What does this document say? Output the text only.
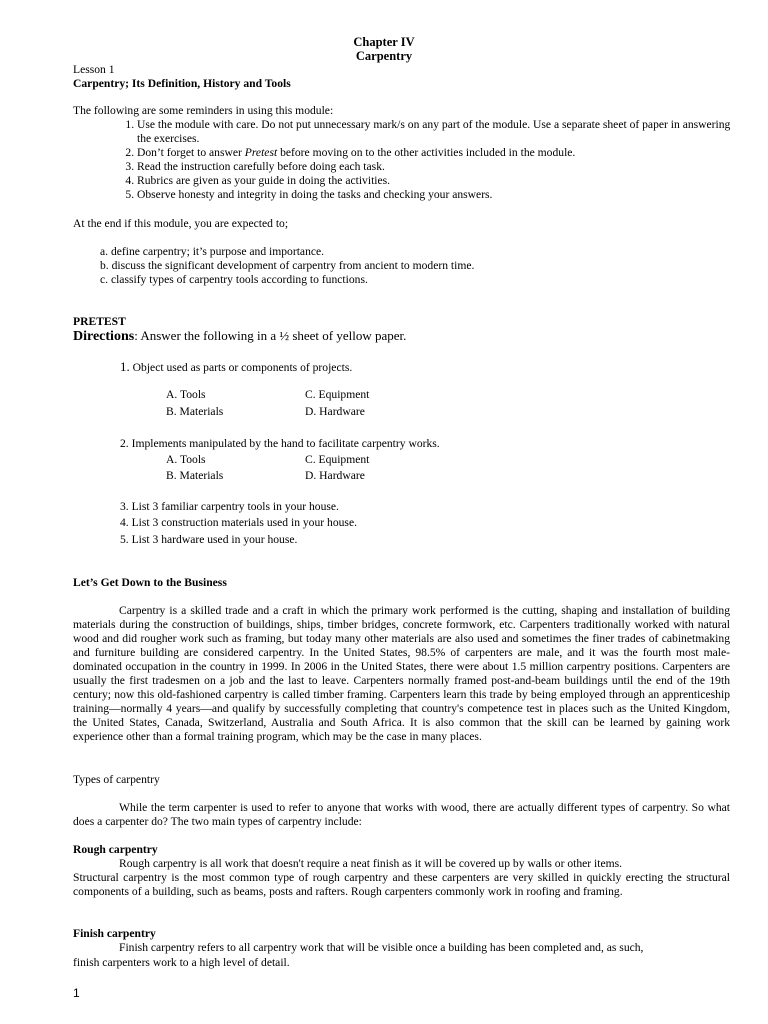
Chapter IV
Carpentry
Lesson 1
Carpentry; Its Definition, History and Tools
The following are some reminders in using this module:
1. Use the module with care. Do not put unnecessary mark/s on any part of the module. Use a separate sheet of paper in answering the exercises.
2. Don’t forget to answer Pretest before moving on to the other activities included in the module.
3. Read the instruction carefully before doing each task.
4. Rubrics are given as your guide in doing the activities.
5. Observe honesty and integrity in doing the tasks and checking your answers.
At the end if this module, you are expected to;
a. define carpentry; it’s purpose and importance.
b. discuss the significant development of carpentry from ancient to modern time.
c. classify types of carpentry tools according to functions.
PRETEST
Directions: Answer the following in a ½ sheet of yellow paper.
1. Object used as parts or components of projects.
A. Tools	C. Equipment
B. Materials	D. Hardware
2. Implements manipulated by the hand to facilitate carpentry works.
A. Tools	C. Equipment
B. Materials	D. Hardware
3. List 3 familiar carpentry tools in your house.
4. List 3 construction materials used in your house.
5. List 3 hardware used in your house.
Let’s Get Down to the Business
Carpentry is a skilled trade and a craft in which the primary work performed is the cutting, shaping and installation of building materials during the construction of buildings, ships, timber bridges, concrete formwork, etc. Carpenters traditionally worked with natural wood and did rougher work such as framing, but today many other materials are also used and sometimes the finer trades of cabinetmaking and furniture building are considered carpentry. In the United States, 98.5% of carpenters are male, and it was the fourth most male-dominated occupation in the country in 1999. In 2006 in the United States, there were about 1.5 million carpentry positions. Carpenters are usually the first tradesmen on a job and the last to leave. Carpenters normally framed post-and-beam buildings until the end of the 19th century; now this old-fashioned carpentry is called timber framing. Carpenters learn this trade by being employed through an apprenticeship training—normally 4 years—and qualify by successfully completing that country's competence test in places such as the United Kingdom, the United States, Canada, Switzerland, Australia and South Africa. It is also common that the skill can be learned by gaining work experience other than a formal training program, which may be the case in many places.
Types of carpentry
While the term carpenter is used to refer to anyone that works with wood, there are actually different types of carpentry. So what does a carpenter do? The two main types of carpentry include:
Rough carpentry
Rough carpentry is all work that doesn't require a neat finish as it will be covered up by walls or other items.
Structural carpentry is the most common type of rough carpentry and these carpenters are very skilled in quickly erecting the structural components of a building, such as beams, posts and rafters. Rough carpenters commonly work in roofing and framing.
Finish carpentry
Finish carpentry refers to all carpentry work that will be visible once a building has been completed and, as such,
finish carpenters work to a high level of detail.
1
